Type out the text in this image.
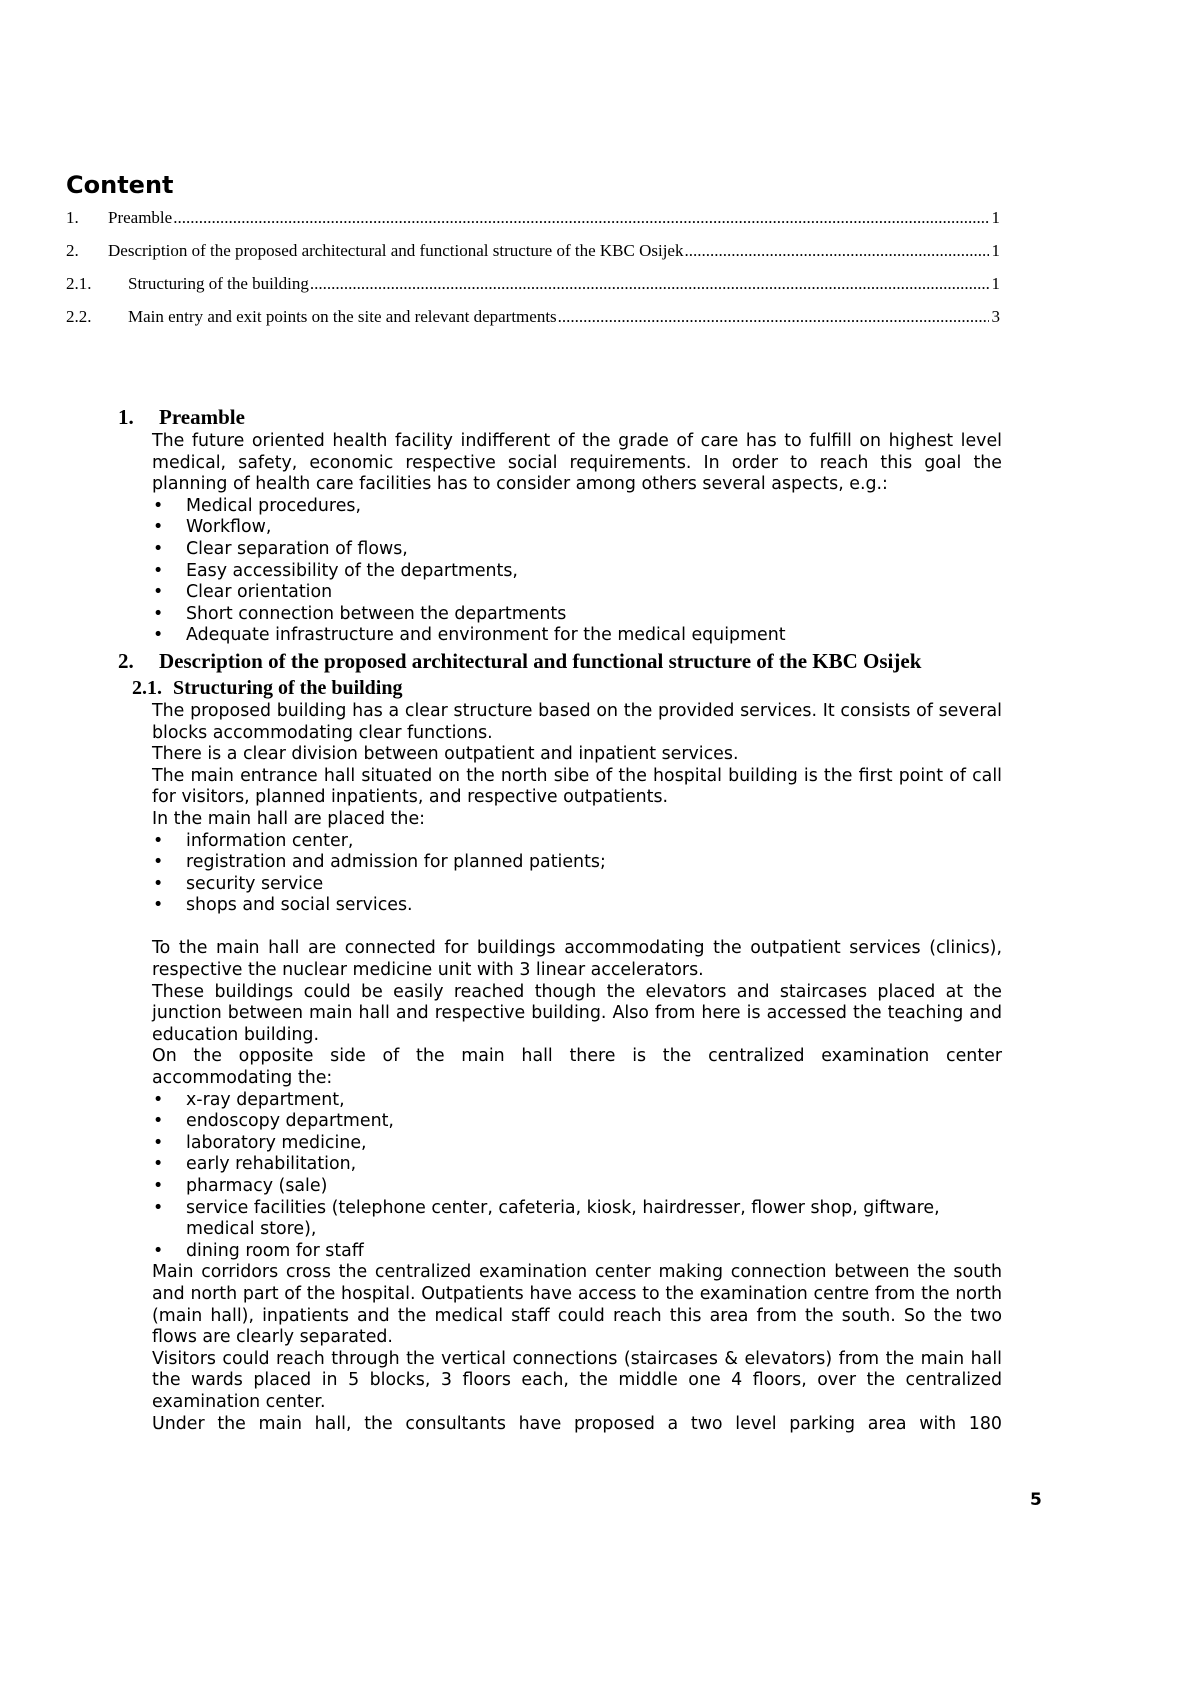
Content
1.	Preamble .....	1
2.	Description of the proposed architectural and functional structure of the KBC Osijek .....	1
2.1.	Structuring of the building .....	1
2.2.	Main entry and exit points on the site and relevant departments .....	3
1. Preamble

The future oriented health facility indifferent of the grade of care has to fulfill on highest level medical, safety, economic respective social requirements. In order to reach this goal the planning of health care facilities has to consider among others several aspects, e.g.:

• Medical procedures,
• Workflow,
• Clear separation of flows,
• Easy accessibility of the departments,
• Clear orientation
• Short connection between the departments
• Adequate infrastructure and environment for the medical equipment
2. Description of the proposed architectural and functional structure of the KBC Osijek
2.1. Structuring of the building

The proposed building has a clear structure based on the provided services. It consists of several blocks accommodating clear functions.

There is a clear division between outpatient and inpatient services.

The main entrance hall situated on the north sibe of the hospital building is the first point of call for visitors, planned inpatients, and respective outpatients.

In the main hall are placed the:

• information center,
• registration and admission for planned patients;
• security service
• shops and social services.

To the main hall are connected for buildings accommodating the outpatient services (clinics), respective the nuclear medicine unit with 3 linear accelerators.

These buildings could be easily reached though the elevators and staircases placed at the junction between main hall and respective building. Also from here is accessed the teaching and education building.

On the opposite side of the main hall there is the centralized examination center accommodating the:

• x-ray department,
• endoscopy department,
• laboratory medicine,
• early rehabilitation,
• pharmacy (sale)
• service facilities (telephone center, cafeteria, kiosk, hairdresser, flower shop, giftware, medical store),
• dining room for staff

Main corridors cross the centralized examination center making connection between the south and north part of the hospital. Outpatients have access to the examination centre from the north (main hall), inpatients and the medical staff could reach this area from the south. So the two flows are clearly separated.

Visitors could reach through the vertical connections (staircases & elevators) from the main hall the wards placed in 5 blocks, 3 floors each, the middle one 4 floors, over the centralized examination center.

Under the main hall, the consultants have proposed a two level parking area with 180

5
